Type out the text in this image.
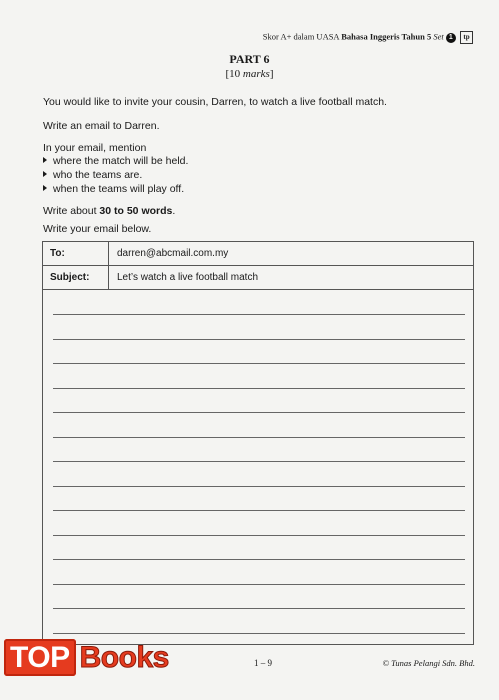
Skor A+ dalam UASA Bahasa Inggeris Tahun 5 Set 1 tp
PART 6
[10 marks]
You would like to invite your cousin, Darren, to watch a live football match.
Write an email to Darren.
In your email, mention
where the match will be held.
who the teams are.
when the teams will play off.
Write about 30 to 50 words.
Write your email below.
To:	darren@abcmail.com.my
Subject:	Let’s watch a live football match
1 – 9	© Tunas Pelangi Sdn. Bhd.
TOP Books
